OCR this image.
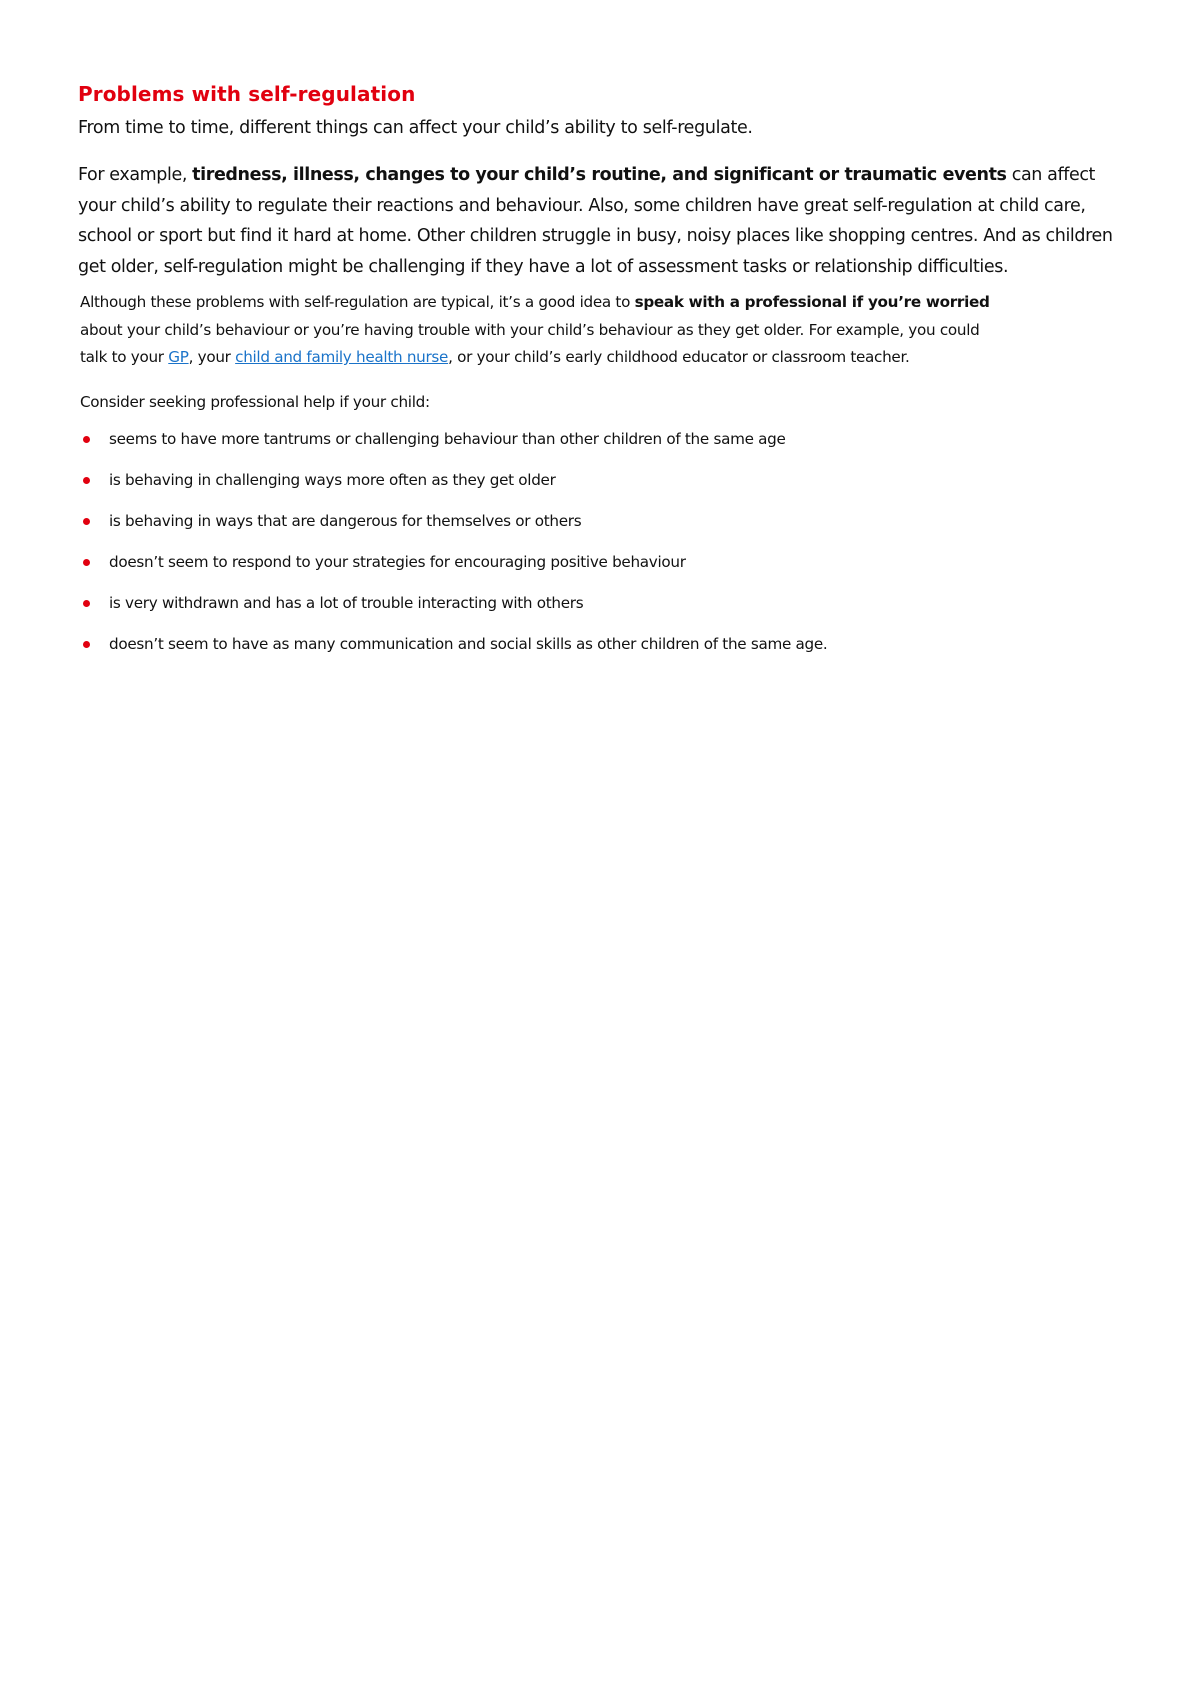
Problems with self-regulation

From time to time, different things can affect your child’s ability to self-regulate.

For example, tiredness, illness, changes to your child’s routine, and significant or traumatic events can affect your child’s ability to regulate their reactions and behaviour. Also, some children have great self-regulation at child care, school or sport but find it hard at home. Other children struggle in busy, noisy places like shopping centres. And as children get older, self-regulation might be challenging if they have a lot of assessment tasks or relationship difficulties.

Although these problems with self-regulation are typical, it’s a good idea to speak with a professional if you’re worried about your child’s behaviour or you’re having trouble with your child’s behaviour as they get older. For example, you could talk to your GP, your child and family health nurse, or your child’s early childhood educator or classroom teacher.

Consider seeking professional help if your child:

seems to have more tantrums or challenging behaviour than other children of the same age
is behaving in challenging ways more often as they get older
is behaving in ways that are dangerous for themselves or others
doesn’t seem to respond to your strategies for encouraging positive behaviour
is very withdrawn and has a lot of trouble interacting with others
doesn’t seem to have as many communication and social skills as other children of the same age.
